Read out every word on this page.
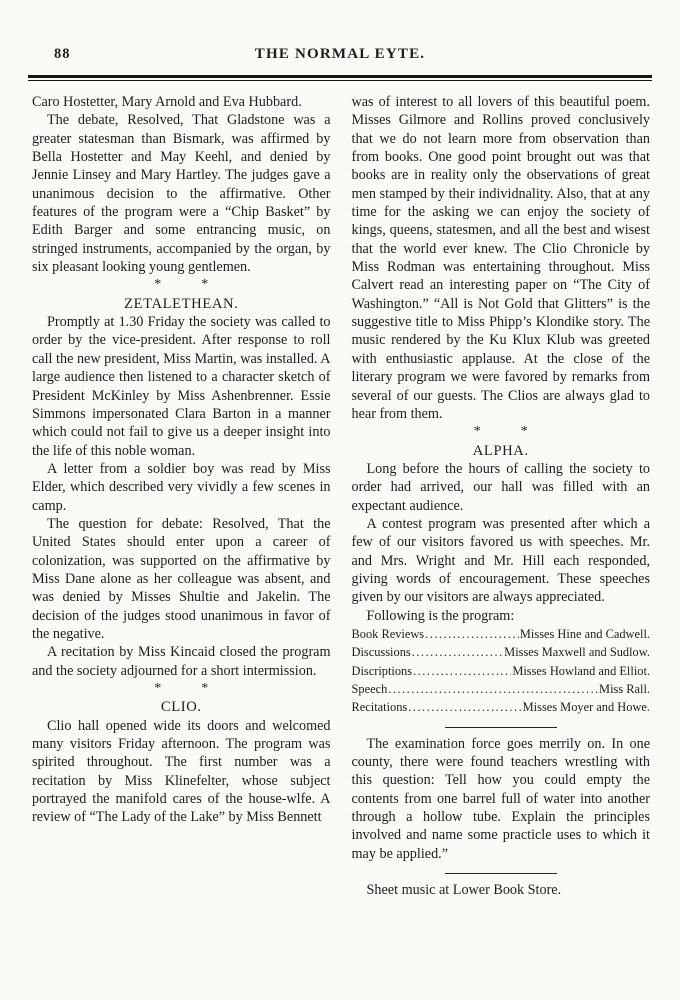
88	THE NORMAL EYTE.

Caro Hostetter, Mary Arnold and Eva Hubbard.

The debate, Resolved, That Gladstone was a greater statesman than Bismark, was affirmed by Bella Hostetter and May Keehl, and denied by Jennie Linsey and Mary Hartley. The judges gave a unanimous decision to the affirmative. Other features of the program were a “Chip Basket” by Edith Barger and some entrancing music, on stringed instruments, accompanied by the organ, by six pleasant looking young gentlemen.

*	*
ZETALETHEAN.

Promptly at 1.30 Friday the society was called to order by the vice-president. After response to roll call the new president, Miss Martin, was installed. A large audience then listened to a character sketch of President McKinley by Miss Ashenbrenner. Essie Simmons impersonated Clara Barton in a manner which could not fail to give us a deeper insight into the life of this noble woman.

A letter from a soldier boy was read by Miss Elder, which described very vividly a few scenes in camp.

The question for debate: Resolved, That the United States should enter upon a career of colonization, was supported on the affirmative by Miss Dane alone as her colleague was absent, and was denied by Misses Shultie and Jakelin. The decision of the judges stood unanimous in favor of the negative.

A recitation by Miss Kincaid closed the program and the society adjourned for a short intermission.

*	*
CLIO.

Clio hall opened wide its doors and welcomed many visitors Friday afternoon. The program was spirited throughout. The first number was a recitation by Miss Klinefelter, whose subject portrayed the manifold cares of the house-wlfe. A review of “The Lady of the Lake” by Miss Bennett

was of interest to all lovers of this beautiful poem. Misses Gilmore and Rollins proved conclusively that we do not learn more from observation than from books. One good point brought out was that books are in reality only the observations of great men stamped by their individnality. Also, that at any time for the asking we can enjoy the society of kings, queens, statesmen, and all the best and wisest that the world ever knew. The Clio Chronicle by Miss Rodman was entertaining throughout. Miss Calvert read an interesting paper on “The City of Washington.” “All is Not Gold that Glitters” is the suggestive title to Miss Phipp’s Klondike story. The music rendered by the Ku Klux Klub was greeted with enthusiastic applause. At the close of the literary program we were favored by remarks from several of our guests. The Clios are always glad to hear from them.

*	*
ALPHA.

Long before the hours of calling the society to order had arrived, our hall was filled with an expectant audience.

A contest program was presented after which a few of our visitors favored us with speeches. Mr. and Mrs. Wright and Mr. Hill each responded, giving words of encouragement. These speeches given by our visitors are always appreciated.

Following is the program:

Book Reviews .....	Misses Hine and Cadwell.
Discussions .....	Misses Maxwell and Sudlow.
Discriptions .....	Misses Howland and Elliot.
Speech .....	Miss Rall.
Recitations .....	Misses Moyer and Howe.

The examination force goes merrily on. In one county, there were found teachers wrestling with this question: Tell how you could empty the contents from one barrel full of water into another through a hollow tube. Explain the principles involved and name some practicle uses to which it may be applied.”

Sheet music at Lower Book Store.
